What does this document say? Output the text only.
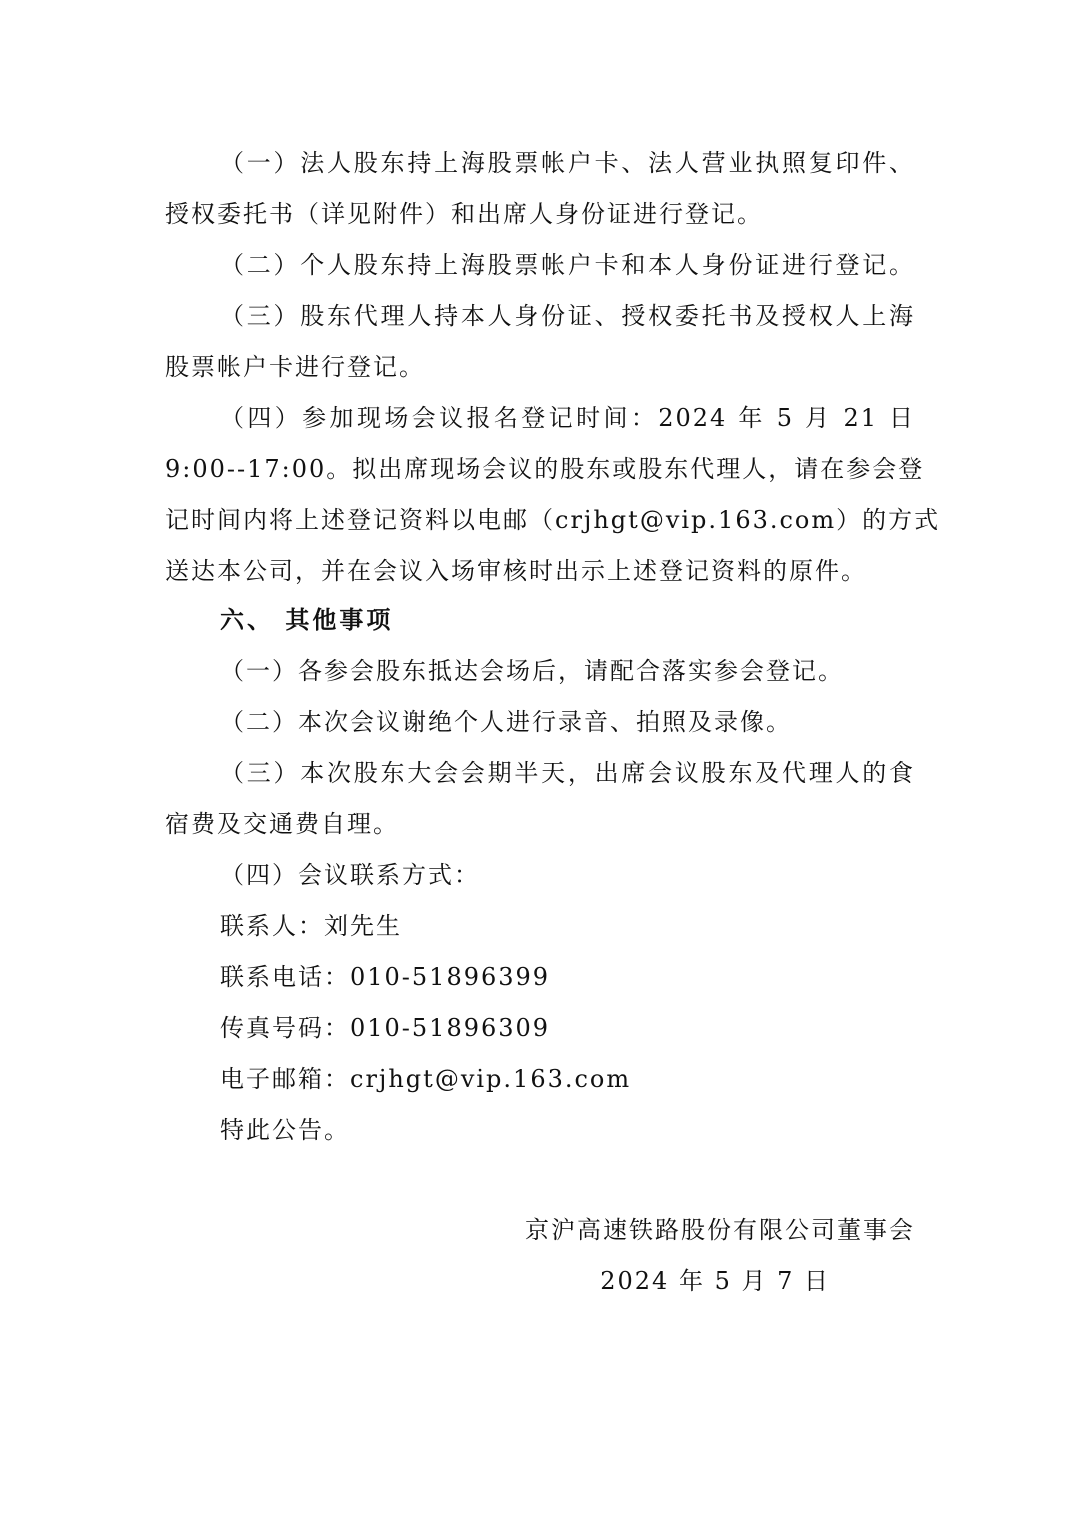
（一）法人股东持上海股票帐户卡、法人营业执照复印件、
授权委托书（详见附件）和出席人身份证进行登记。
（二）个人股东持上海股票帐户卡和本人身份证进行登记。
（三）股东代理人持本人身份证、授权委托书及授权人上海
股票帐户卡进行登记。
（四）参加现场会议报名登记时间：2024 年 5 月 21 日
9:00--17:00。拟出席现场会议的股东或股东代理人，请在参会登
记时间内将上述登记资料以电邮（crjhgt@vip.163.com）的方式
送达本公司，并在会议入场审核时出示上述登记资料的原件。
六、 其他事项
（一）各参会股东抵达会场后，请配合落实参会登记。
（二）本次会议谢绝个人进行录音、拍照及录像。
（三）本次股东大会会期半天，出席会议股东及代理人的食
宿费及交通费自理。
（四）会议联系方式：
联系人：刘先生
联系电话：010-51896399
传真号码：010-51896309
电子邮箱：crjhgt@vip.163.com
特此公告。
京沪高速铁路股份有限公司董事会
2024 年 5 月 7 日
